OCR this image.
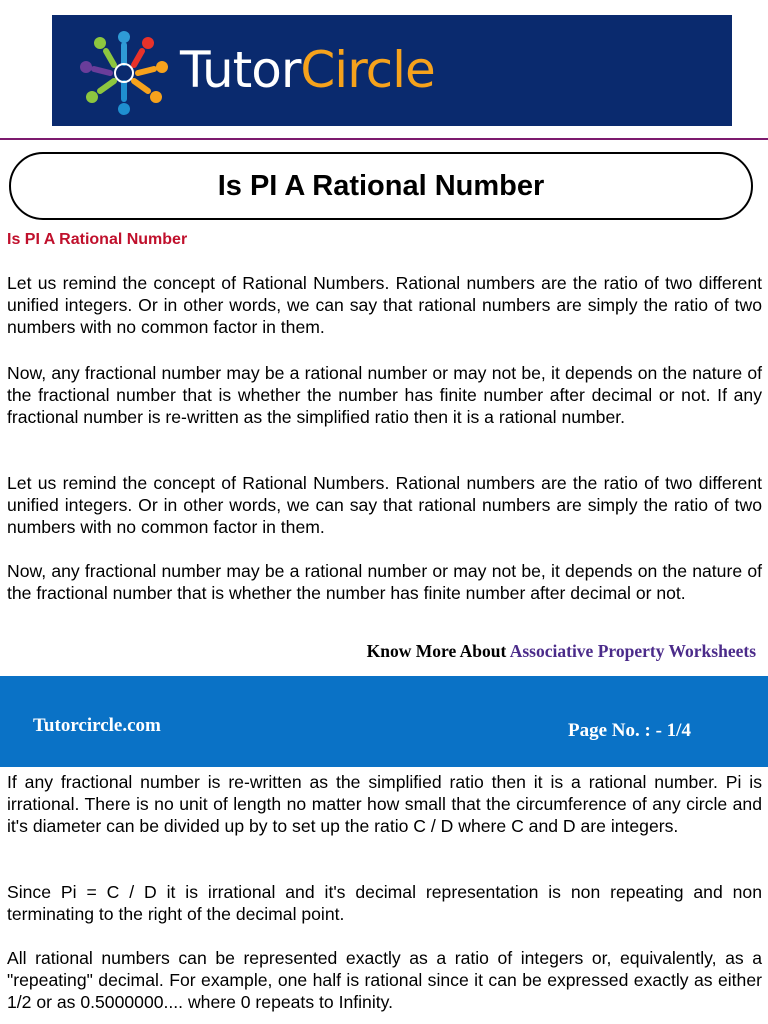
TutorCircle
Is PI A Rational Number
Is PI A Rational Number

Let us remind the concept of Rational Numbers. Rational numbers are the ratio of two different unified integers. Or in other words, we can say that rational numbers are simply the ratio of two numbers with no common factor in them.

Now, any fractional number may be a rational number or may not be, it depends on the nature of the fractional number that is whether the number has finite number after decimal or not. If any fractional number is re-written as the simplified ratio then it is a rational number.

Let us remind the concept of Rational Numbers. Rational numbers are the ratio of two different unified integers. Or in other words, we can say that rational numbers are simply the ratio of two numbers with no common factor in them.

Now, any fractional number may be a rational number or may not be, it depends on the nature of the fractional number that is whether the number has finite number after decimal or not.

Know More About Associative Property Worksheets
Tutorcircle.com	Page No. : - 1/4

If any fractional number is re-written as the simplified ratio then it is a rational number. Pi is irrational. There is no unit of length no matter how small that the circumference of any circle and it's diameter can be divided up by to set up the ratio C / D where C and D are integers.

Since Pi = C / D it is irrational and it's decimal representation is non repeating and non terminating to the right of the decimal point.

All rational numbers can be represented exactly as a ratio of integers or, equivalently, as a "repeating" decimal. For example, one half is rational since it can be expressed exactly as either 1/2 or as 0.5000000.... where 0 repeats to Infinity.
